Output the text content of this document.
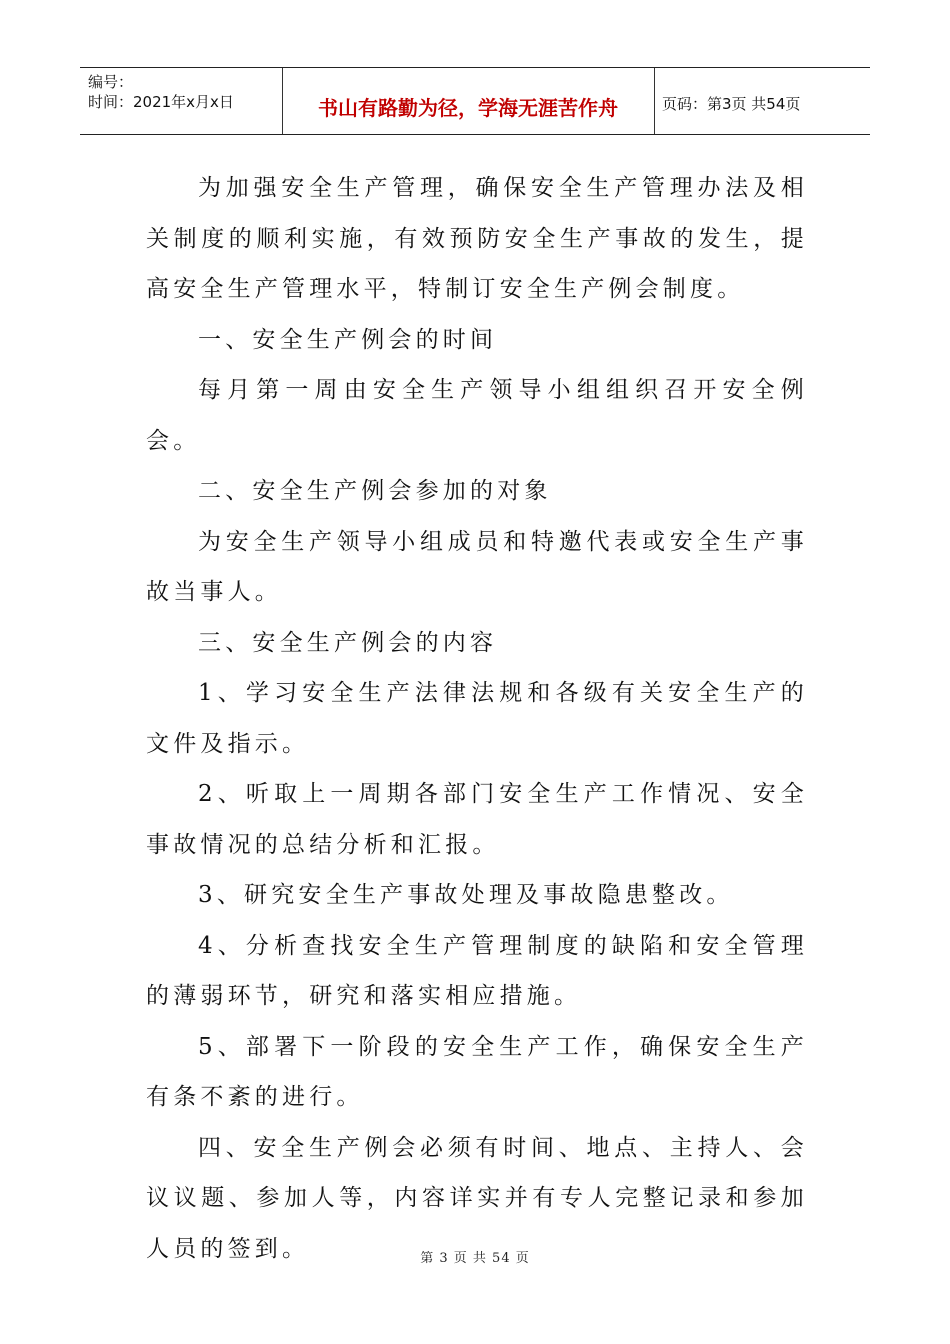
编号：
时间：2021年x月x日	书山有路勤为径，学海无涯苦作舟	页码：第3页 共54页

为加强安全生产管理，确保安全生产管理办法及相关制度的顺利实施，有效预防安全生产事故的发生，提高安全生产管理水平，特制订安全生产例会制度。

一、安全生产例会的时间

每月第一周由安全生产领导小组组织召开安全例会。

二、安全生产例会参加的对象

为安全生产领导小组成员和特邀代表或安全生产事故当事人。

三、安全生产例会的内容

1、学习安全生产法律法规和各级有关安全生产的文件及指示。

2、听取上一周期各部门安全生产工作情况、安全事故情况的总结分析和汇报。

3、研究安全生产事故处理及事故隐患整改。

4、分析查找安全生产管理制度的缺陷和安全管理的薄弱环节，研究和落实相应措施。

5、部署下一阶段的安全生产工作，确保安全生产有条不紊的进行。

四、安全生产例会必须有时间、地点、主持人、会议议题、参加人等，内容详实并有专人完整记录和参加人员的签到。	第 3 页 共 54 页
